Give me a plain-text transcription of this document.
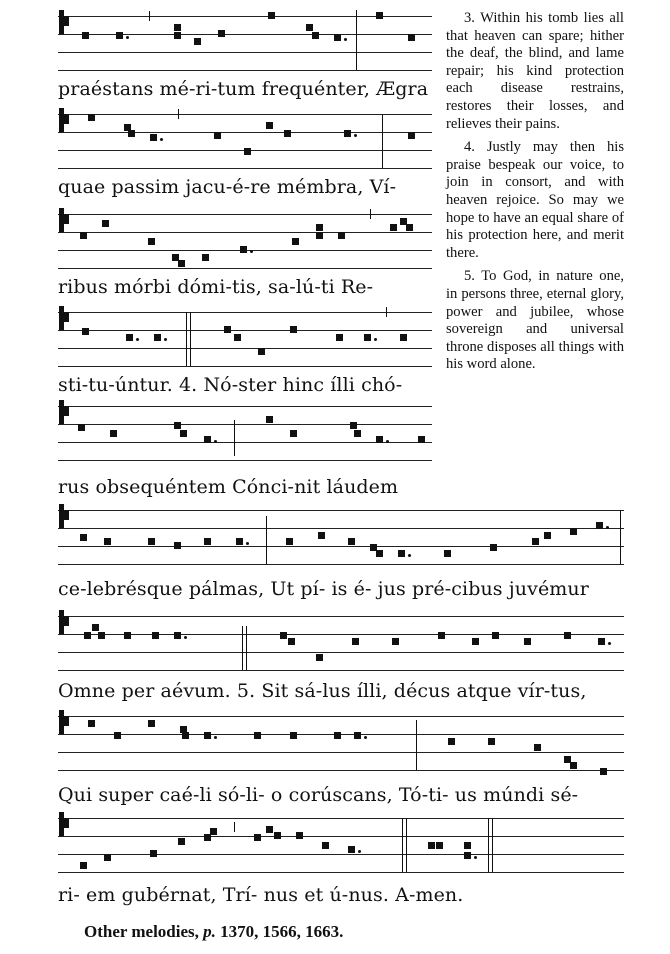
praéstans mé-ri-tum frequénter, Ægra
quae passim jacu-é-re mémbra, Ví-
ribus mórbi dómi-tis, sa-lú-ti Re-
sti-tu-úntur. 4. Nó-ster hinc ílli chó-
rus obsequéntem Cónci-nit láudem
ce-lebrésque pálmas, Ut pí- is é- jus pré-cibus juvémur
Omne per aévum. 5. Sit sá-lus ílli, décus atque vír-tus,
Qui super caé-li só-li- o corúscans, Tó-ti- us múndi sé-
ri- em gubérnat, Trí- nus et ú-nus. A-men.

3. Within his tomb lies all that heaven can spare; hither the deaf, the blind, and lame repair; his kind protection each disease restrains, restores their losses, and relieves their pains.

4. Justly may then his praise bespeak our voice, to join in consort, and with heaven rejoice. So may we hope to have an equal share of his protection here, and merit there.

5. To God, in nature one, in persons three, eternal glory, power and jubilee, whose sovereign and universal throne disposes all things with his word alone.

Other melodies, p. 1370, 1566, 1663.
